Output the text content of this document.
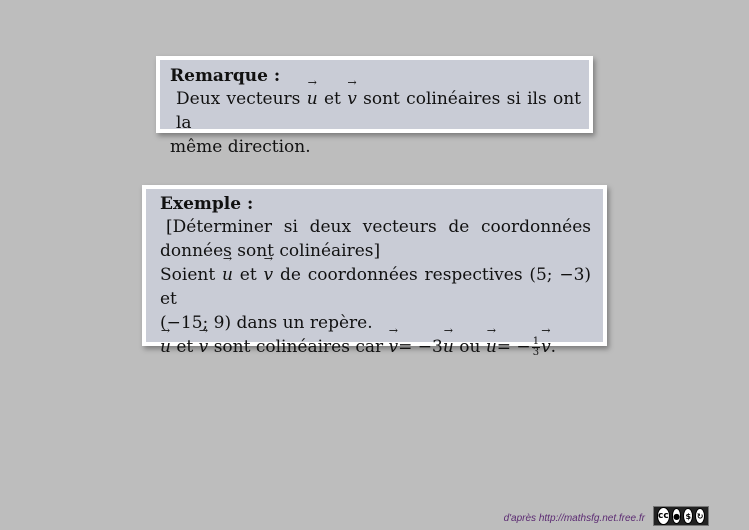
Remarque :
Deux vecteurs → u et → v sont colinéaires si ils ont la
même direction.
Exemple :
[Déterminer si deux vecteurs de coordonnées
données sont colinéaires]
Soient → u et → v de coordonnées respectives (5; −3) et
(−15; 9) dans un repère.
→ u et → v sont colinéaires car → v= −3→ u ou → $u= - \frac{1}{3}$
→ v.
d'après http://mathsfg.net.free.fr cc ● $ ↻
